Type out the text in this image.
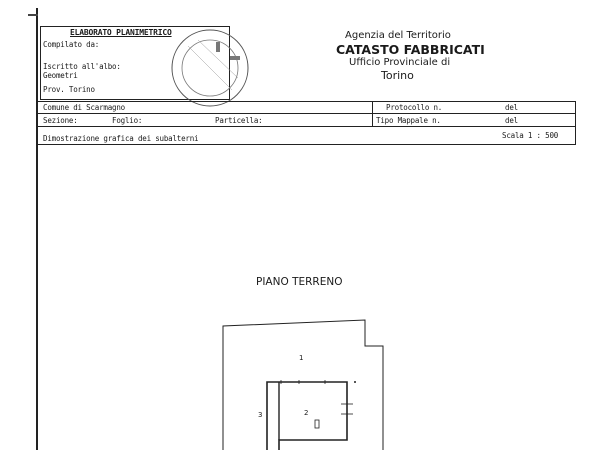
ELABORATO PLANIMETRICO
Compilato da:
Iscritto all'albo:
Geometri
Prov. Torino
Agenzia del Territorio
CATASTO FABBRICATI
Ufficio Provinciale di
Torino
Comune di Scarmagno	Protocollo n.	del
Sezione:	Foglio:	Particella:	Tipo Mappale n.	del
Dimostrazione grafica dei subalterni	Scala 1 : 500
PIANO TERRENO
1
2
3
